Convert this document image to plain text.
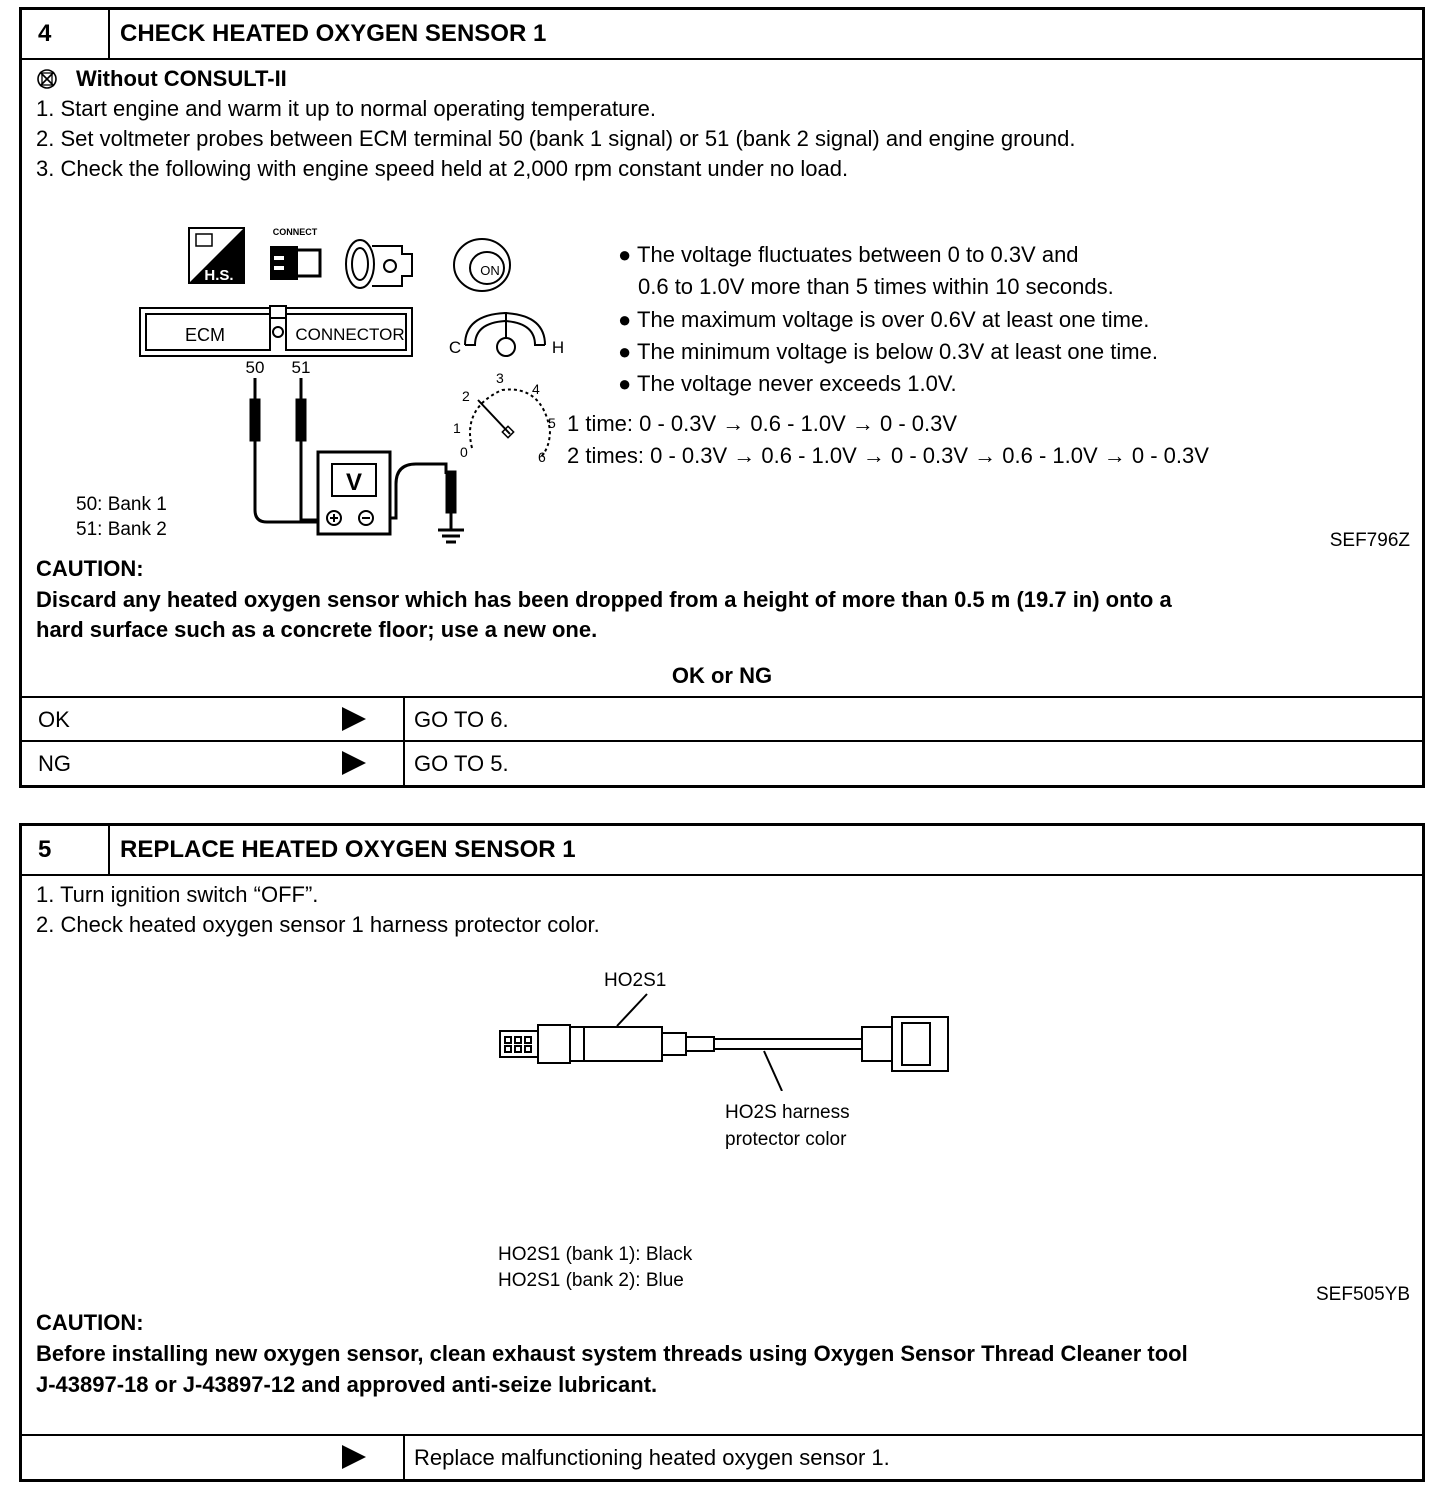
4	CHECK HEATED OXYGEN SENSOR 1
Without CONSULT-II
1. Start engine and warm it up to normal operating temperature.
2. Set voltmeter probes between ECM terminal 50 (bank 1 signal) or 51 (bank 2 signal) and engine ground.
3. Check the following with engine speed held at 2,000 rpm constant under no load.
H.S.
CONNECT
ON
ECM	CONNECTOR
50 51
V
C	H
0
1
2
3
4
5
6
50: Bank 1
51: Bank 2
● The voltage fluctuates between 0 to 0.3V and
0.6 to 1.0V more than 5 times within 10 seconds.
● The maximum voltage is over 0.6V at least one time.
● The minimum voltage is below 0.3V at least one time.
● The voltage never exceeds 1.0V.
1 time: 0 - 0.3V → 0.6 - 1.0V → 0 - 0.3V
2 times: 0 - 0.3V → 0.6 - 1.0V → 0 - 0.3V → 0.6 - 1.0V → 0 - 0.3V
SEF796Z
CAUTION:
Discard any heated oxygen sensor which has been dropped from a height of more than 0.5 m (19.7 in) onto a
hard surface such as a concrete floor; use a new one.
OK or NG
OK	GO TO 6.
NG	GO TO 5.
5	REPLACE HEATED OXYGEN SENSOR 1
1. Turn ignition switch “OFF”.
2. Check heated oxygen sensor 1 harness protector color.
HO2S1
HO2S harness
protector color
HO2S1 (bank 1): Black
HO2S1 (bank 2): Blue
SEF505YB
CAUTION:
Before installing new oxygen sensor, clean exhaust system threads using Oxygen Sensor Thread Cleaner tool
J-43897-18 or J-43897-12 and approved anti-seize lubricant.
Replace malfunctioning heated oxygen sensor 1.
